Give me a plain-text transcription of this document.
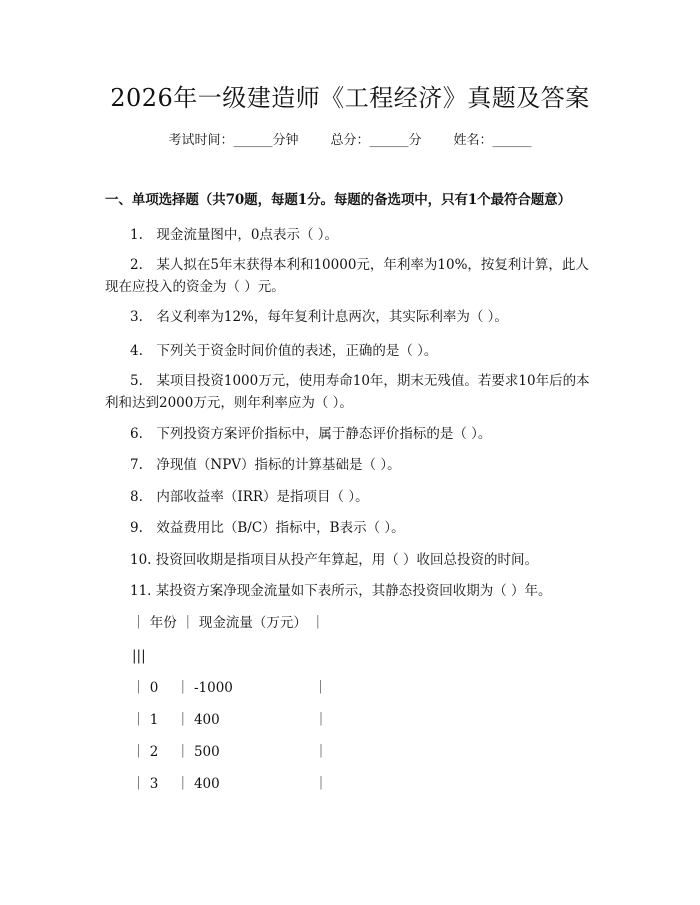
2026年一级建造师《工程经济》真题及答案
考试时间：______分钟 总分：______分 姓名：______
一、单项选择题（共70题，每题1分。每题的备选项中，只有1个最符合题意）
1.　现金流量图中，0点表示（ ）。
2.　某人拟在5年末获得本利和10000元，年利率为10%，按复利计算，此人现在应投入的资金为（ ）元。
3.　名义利率为12%，每年复利计息两次，其实际利率为（ ）。
4.　下列关于资金时间价值的表述，正确的是（ ）。
5.　某项目投资1000万元，使用寿命10年，期末无残值。若要求10年后的本利和达到2000万元，则年利率应为（ ）。
6.　下列投资方案评价指标中，属于静态评价指标的是（ ）。
7.　净现值（NPV）指标的计算基础是（ ）。
8.　内部收益率（IRR）是指项目（ ）。
9.　效益费用比（B/C）指标中，B表示（ ）。
10. 投资回收期是指项目从投产年算起，用（ ）收回总投资的时间。
11. 某投资方案净现金流量如下表所示，其静态投资回收期为（ ）年。
｜ 年份 ｜ 现金流量（万元） ｜
|||
｜ 0　 ｜ -1000　　　　　　｜
｜ 1　 ｜ 400　　　　　　　｜
｜ 2　 ｜ 500　　　　　　　｜
｜ 3　 ｜ 400　　　　　　　｜
